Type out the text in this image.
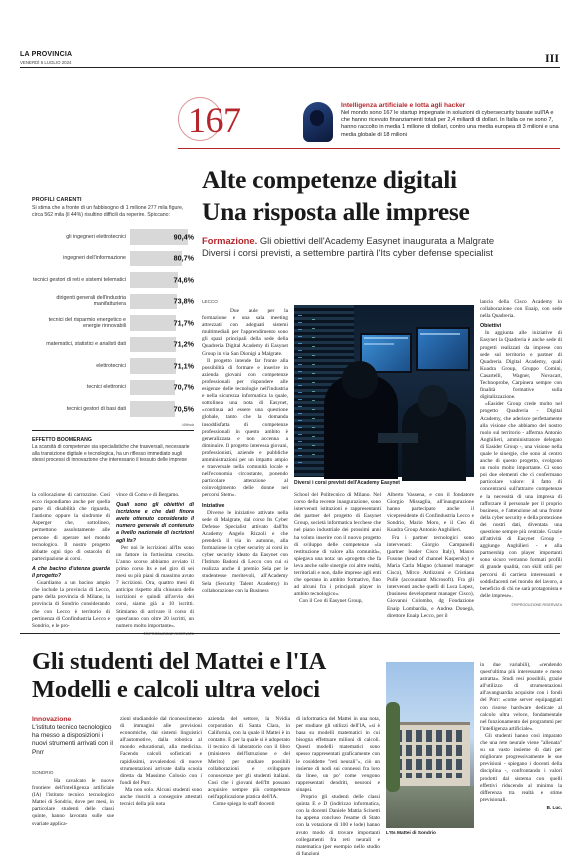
LA PROVINCIA
VENERDÌ 5 LUGLIO 2024	III
167	Intelligenza artificiale e lotta agli hacker
Nel mondo sono 167 le startup impegnate in soluzioni di cybersecurity basate sull'IA e che hanno ricevuto finanziamenti totali per 2,4 miliardi di dollari. In Italia ce ne sono 7, hanno raccolto in media 1 milione di dollari, contro una media europea di 3 milioni e una media globale di 18 milioni
PROFILI CARENTI
Si stima che a fronte di un fabbisogno di 1 milione 277 mila figure, circa 562 mila (il 44%) risultino difficili da reperire. Spiccano:
gli ingegneri elettrotecnici	90,4%
ingegneri dell'informazione	80,7%
tecnici gestori di reti e sistemi telematici	74,6%
dirigenti generali dell'industria manifatturiera	73,8%
tecnici del risparmio energetico e energie rinnovabili	71,7%
matematici, statistici e analisti dati	71,2%
elettrotecnici	71,1%
tecnici elettronici	70,7%
tecnici gestori di basi dati	70,5%
Withub
EFFETTO BOOMERANG
La scarsità di competenze sia specialistiche che trasversali, necessarie alla transizione digitale e tecnologica, ha un riflesso immediato sugli stessi processi di innovazione che interessano il tessuto delle imprese
Alte competenze digitali
Una risposta alle imprese
Formazione. Gli obiettivi dell'Academy Easynet inaugurata a Malgrate
Diversi i corsi previsti, a settembre partirà l'Its cyber defense specialist
LECCO

Due aule per la formazione e una sala meeting attrezzati con adeguati sistemi multimediali per l'apprendimento sono gli spazi principali della sede della Quadreria Digital Academy di Easynet Group in via San Dionigi a Malgrate.

Il progetto intende far fronte alla possibilità di formare e inserire in azienda giovani con competenze professionali per rispondere alle esigenze delle tecnologie nell'industria e nella sicurezza informatica la quale, sottolinea una nota di Easynet, «continua ad essere una questione globale, tanto che la domanda insoddisfatta di competenze professionali in questo ambito è generalizzata e non accenna a diminuire. Il progetto interessa giovani, professionisti, aziende e pubbliche amministrazioni per un impatto ampio e trasversale nella comunità locale e nell'economia circostante, ponendo particolare attenzione al coinvolgimento delle donne nei percorsi Stem».

Iniziative

Diverse le iniziative attivate nella sede di Malgrate, dal corso Its Cyber Defense Specialist attivato dall'Its Academy Angelo Rizzoli e che prenderà il via in autunno, alla formazione in cyber security ai corsi in cyber security ideato da Easynet con l'Istituto Badoni di Lecco con cui si realizza anche il premio Sela per le studentesse meritevoli, all'Academy Sela (Security Talent Academy) in collaborazione con la Business

Diversi i corsi previsti dell'Academy Easynet

School del Politecnico di Milano. Nel corso della recente inaugurazione, sono intervenuti istituzioni e rappresentanti dei partner del progetto di Easynet Group, società informatica lecchese che nel piano industriale dei prossimi anni ha voluto inserire con il nuovo progetto di sviluppo delle competenze «la restituzione di valore alla comunità», spiegava una nota: un «progetto che fa leva anche sulle sinergie coi altre realtà, territoriali e non, dalle imprese agli enti che operano in ambito formativo, fino ad alcuni fra i principali player in ambito tecnologico».

Con il Ceo di Easynet Group,

Alberto Vassena, e con il fondatore Giorgio Missaglia, all'inaugurazione hanno partecipato anche il vicepresidente di Confindustria Lecco e Sondrio, Mario Moro, e il Ceo di Kuadra Group Antonio Anghilieri.

Fra i partner tecnologici sono intervenuti: Giorgio Campanelli (partner leader Cisco Italy), Mauro Fusone (head of channel Kaspersky) e Maria Carla Magno (channel manager Cisco), Mirco Ardizzoni e Cristiana Pullè (accountant Microsoft). Fra gli intervenuti anche quelli di Luca Lopez, (business development manager Cisco), Giovanni Colombo, dg Fondazione Enaip Lombardia, e Andrea Donegà, direttore Enaip Lecco, per il

lancio della Cisco Academy in collaborazione con Enaip, con sede nella Quadreria.

Obiettivi

In aggiunta alle iniziative di Easynet la Quadreria è anche sede di progetti realizzati da imprese con sede sul territorio e partner di Quadreria Digital Academy, quali Kuadra Group, Gruppo Comini, Casartelli, Wagner, Novacart, Technoprobe, Carpinera sempre con finalità formative sulla digitalizzazione.

«Easider Group crede molto nel progetto Quadreria - Digital Academy, che aderisce perfettamente alla visione che abbiamo del nostro ruolo sul territorio - afferma Antonio Anghilieri, amministratore delegato di Easider Group -, una visione nella quale le sinergie, che sono al centro anche di questo progetto, svolgono un ruolo molto importante. Ci sono poi due elementi che ci confermano particolare valore: il fatto di concentrarsi sull'attrarre competenze e la necessità di una impresa di rafforzare il personale per il proprio business, e l'attenzione ad una fronte della cyber security e della protezione dei nostri dati, diventata una questione sempre più centrale. Grazie all'attività di Easynet Group - aggiunge Anghilieri - e alla partnership con player importanti sono sicuro verranno formati profili di grande qualità, con skill utili per percorsi di carriera interessanti e soddisfacenti nel mondo del lavoro, a beneficio di chi ne sarà protagonista e delle imprese».

©RIPRODUZIONE RISERVATA

la collocazione di carrozzine. Così ecco rispondiamo anche per quella parte di disabilità che riguarda, l'autismo oppure la sindrome di Asperger che, sottolineo, permettono assolutamente alle persone di operare nel mondo tecnologico. Il nostro progetto abbatte ogni tipo di ostacolo di partecipazione ai corsi.

A che bacino d'utenza guarda il progetto?

Guardiamo a un bacino ampio che include la provincia di Lecco, parte della provincia di Milano, la provincia di Sondrio considerando che con Lecco è territorio di pertinenza di Confindustria Lecco e Sondrio, e le pro-

vince di Como e di Bergamo.

Quali sono gli obiettivi di iscrizione e che dati finora avete ottenuto considerato il numero generale di contenuto a livello nazionale di iscrizioni agli Its?

Per noi le iscrizioni all'Its sono un fattore in fortissima crescita. L'anno scorso abbiamo avviato il primo corso Its e nel giro di sei mesi su più piani di massimo avuto 7 iscrizioni. Ora, quattro mesi di anticipo rispetto alla chiusura delle iscrizioni e quindi all'avvio dei corsi, siamo già a 10 iscritti. Stimiamo di arrivare il corso di quest'anno con oltre 20 iscritti, un numero molto importante».

Gli studenti del Mattei e l'IA
Modelli e calcoli ultra veloci
Innovazione
L'istituto tecnico tecnologico ha messo a disposizioni i nuovi strumenti arrivati con il Pnrr
SONDRIO

Ha cavalcato le nuove frontiere dell'intelligenza artificiale (IA) l'istituto tecnico tecnologico Mattei di Sondrio, dove per mesi, in particolare studenti delle classi quinte, hanno lavorato sulle sue svariate applica-

zioni studiandole dal riconoscimento di immagini alle previsioni economiche, dai sistemi linguistici all'automotive, dalla robotica al mondo educational, alla medicina. Facendo calcoli sofisticati e rapidissimi, avvalendosi di nuove strumentazioni arrivate dalla scuola diretta da Massimo Colosio con i fondi del Pnrr.

Ma non solo. Alcuni studenti sono anche riusciti a conseguire attestati tecnici della più nota

azienda del settore, la Nvidia corporation di Santa Clara, in California, con la quale il Mattei è in contatto. E per la quale si è adoperato il tecnico di laboratorio con il libro (ministero dell'Istruzione e del Merito) per studiare possibili collaborazioni e sviluppare conoscenze per gli studenti italiani. Così che i giovani dell'Itt possano acquisire sempre più competenze nell'applicazione pratica dell'IA.

Come spiega lo staff docenti

di informatica del Mattei in una nota, per studiare gli utilizzi dell'IA, «si è basa su modelli matematici in cui bisogna effettuare milioni di calcoli. Questi modelli matematici sono spesso rappresentati graficamente con le cosiddette "reti neurali"», ciò un insieme di nodi sui connessi fra loro da linee, un po' come vengono rappresentati dendriti, neuroni e sinapsi.

Proprio gli studenti delle classi quinta E e D (indirizzo informatica, con la docenti Daniele Mattia Scinetti ha appena concluso l'esame di Stato con la votazione di 100 e lode) hanno avuto modo di trovare importanti collegamenti fra reti neurali e matematica (per esempio nello studio di funzioni

L'Its Mattei di Sondrio

in due variabili), «rendendo quest'ultima più interessante e meno astratta». Studi resi possibili, grazie all'utilizzo di strumentazioni all'avanguardia acquisite con i fondi del Pnrr: «come server equipaggiati con risorse hardware dedicate al calcolo ultra veloce, fondamentale nel funzionamento dei programmi per l'intelligenza artificiale».

Gli studenti hanno così imparato che una rete neurale viene "allenata" su un vasto insieme di dati per migliorare progressivamente le sue previsioni - spiegano i docenti della disciplina -, confrontando i valori prodotti dal sistema con quelli effettivi riducendo al minimo la differenza tra realtà e stime previsionali.

B. Luc.
